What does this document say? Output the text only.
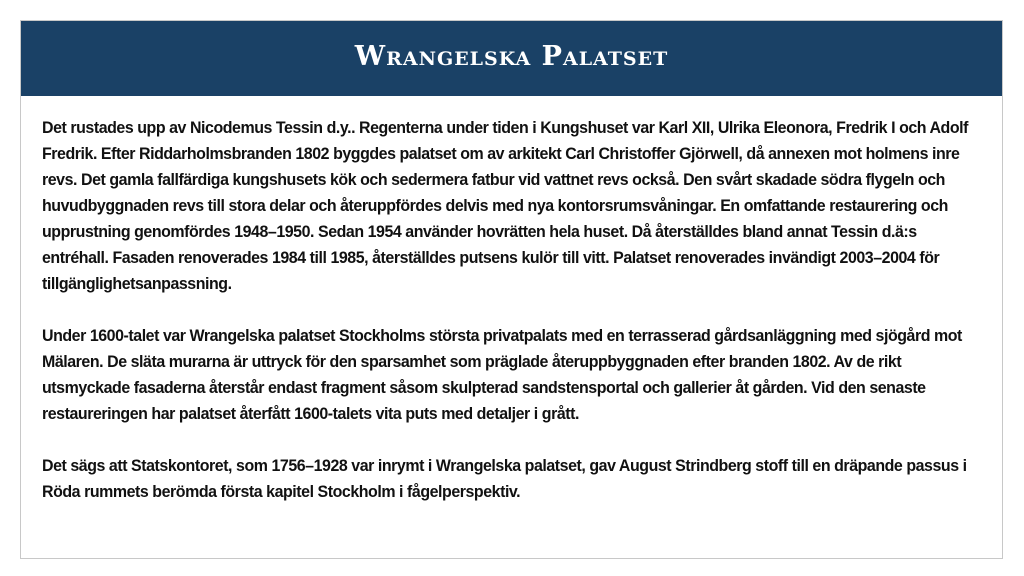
Wrangelska Palatset

Det rustades upp av Nicodemus Tessin d.y.. Regenterna under tiden i Kungshuset var Karl XII, Ulrika Eleonora, Fredrik I och Adolf Fredrik. Efter Riddarholmsbranden 1802 byggdes palatset om av arkitekt Carl Christoffer Gjörwell, då annexen mot holmens inre revs. Det gamla fallfärdiga kungshusets kök och sedermera fatbur vid vattnet revs också. Den svårt skadade södra flygeln och huvudbyggnaden revs till stora delar och återuppfördes delvis med nya kontorsrumsvåningar. En omfattande restaurering och upprustning genomfördes 1948–1950. Sedan 1954 använder hovrätten hela huset. Då återställdes bland annat Tessin d.ä:s entréhall. Fasaden renoverades 1984 till 1985, återställdes putsens kulör till vitt. Palatset renoverades invändigt 2003–2004 för tillgänglighetsanpassning.

Under 1600-talet var Wrangelska palatset Stockholms största privatpalats med en terrasserad gårdsanläggning med sjögård mot Mälaren. De släta murarna är uttryck för den sparsamhet som präglade återuppbyggnaden efter branden 1802. Av de rikt utsmyckade fasaderna återstår endast fragment såsom skulpterad sandstensportal och gallerier åt gården. Vid den senaste restaureringen har palatset återfått 1600-talets vita puts med detaljer i grått.

Det sägs att Statskontoret, som 1756–1928 var inrymt i Wrangelska palatset, gav August Strindberg stoff till en dräpande passus i Röda rummets berömda första kapitel Stockholm i fågelperspektiv.
